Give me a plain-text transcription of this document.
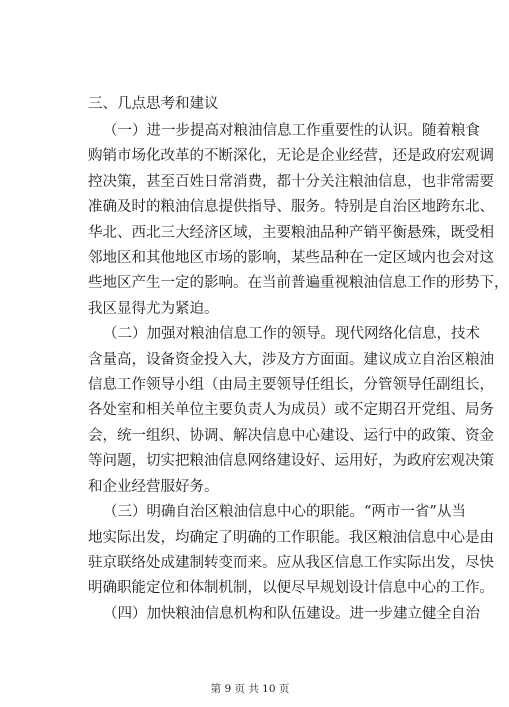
三、几点思考和建议
（一）进一步提高对粮油信息工作重要性的认识。随着粮食
购销市场化改革的不断深化，无论是企业经营，还是政府宏观调
控决策，甚至百姓日常消费，都十分关注粮油信息，也非常需要
准确及时的粮油信息提供指导、服务。特别是自治区地跨东北、
华北、西北三大经济区域，主要粮油品种产销平衡悬殊，既受相
邻地区和其他地区市场的影响，某些品种在一定区域内也会对这
些地区产生一定的影响。在当前普遍重视粮油信息工作的形势下，
我区显得尤为紧迫。
（二）加强对粮油信息工作的领导。现代网络化信息，技术
含量高，设备资金投入大，涉及方方面面。建议成立自治区粮油
信息工作领导小组（由局主要领导任组长，分管领导任副组长，
各处室和相关单位主要负责人为成员）或不定期召开党组、局务
会，统一组织、协调、解决信息中心建设、运行中的政策、资金
等问题，切实把粮油信息网络建设好、运用好，为政府宏观决策
和企业经营服好务。
（三）明确自治区粮油信息中心的职能。“两市一省”从当
地实际出发，均确定了明确的工作职能。我区粮油信息中心是由
驻京联络处成建制转变而来。应从我区信息工作实际出发，尽快
明确职能定位和体制机制，以便尽早规划设计信息中心的工作。
（四）加快粮油信息机构和队伍建设。进一步建立健全自治
第 9 页 共 10 页
